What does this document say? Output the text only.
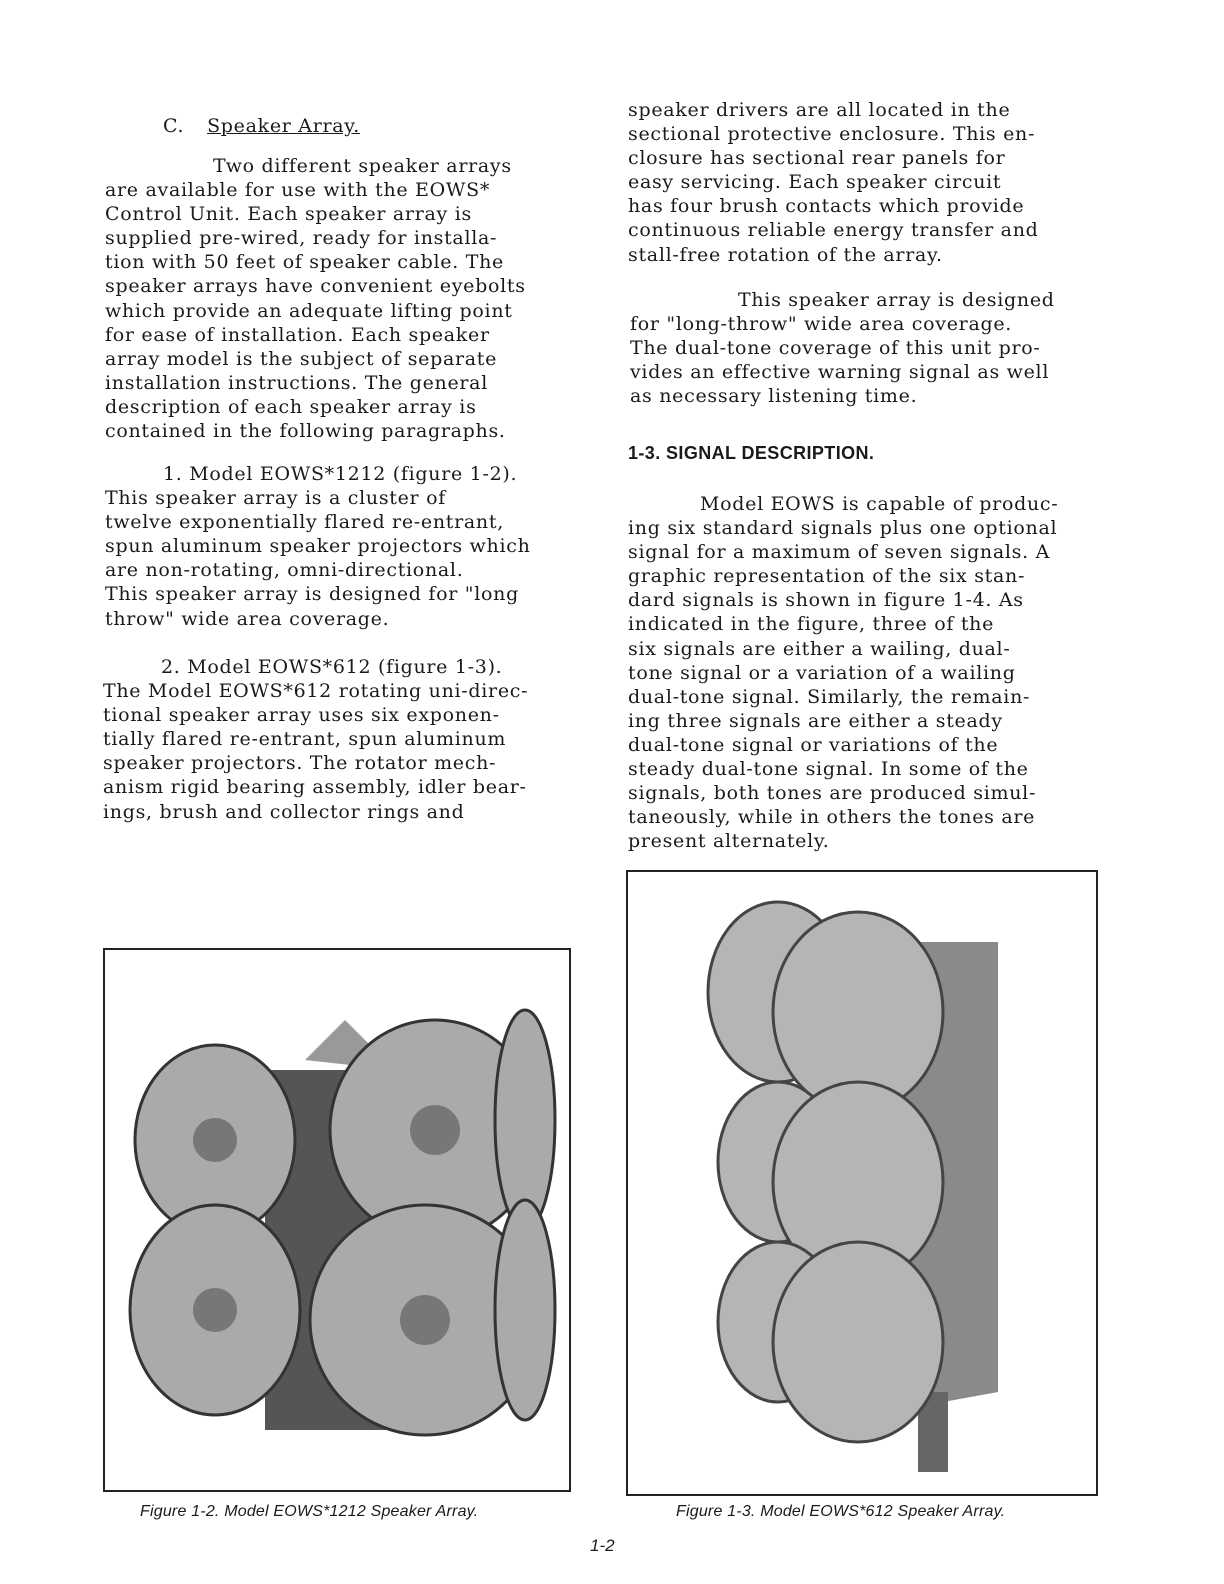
C. Speaker Array.
Two different speaker arrays
are available for use with the EOWS*
Control Unit. Each speaker array is
supplied pre-wired, ready for installa-
tion with 50 feet of speaker cable. The
speaker arrays have convenient eyebolts
which provide an adequate lifting point
for ease of installation. Each speaker
array model is the subject of separate
installation instructions. The general
description of each speaker array is
contained in the following paragraphs.
1. Model EOWS*1212 (figure 1-2).
This speaker array is a cluster of
twelve exponentially flared re-entrant,
spun aluminum speaker projectors which
are non-rotating, omni-directional.
This speaker array is designed for "long
throw" wide area coverage.
2. Model EOWS*612 (figure 1-3).
The Model EOWS*612 rotating uni-direc-
tional speaker array uses six exponen-
tially flared re-entrant, spun aluminum
speaker projectors. The rotator mech-
anism rigid bearing assembly, idler bear-
ings, brush and collector rings and
speaker drivers are all located in the
sectional protective enclosure. This en-
closure has sectional rear panels for
easy servicing. Each speaker circuit
has four brush contacts which provide
continuous reliable energy transfer and
stall-free rotation of the array.
This speaker array is designed
for "long-throw" wide area coverage.
The dual-tone coverage of this unit pro-
vides an effective warning signal as well
as necessary listening time.
1-3. SIGNAL DESCRIPTION.
Model EOWS is capable of produc-
ing six standard signals plus one optional
signal for a maximum of seven signals. A
graphic representation of the six stan-
dard signals is shown in figure 1-4. As
indicated in the figure, three of the
six signals are either a wailing, dual-
tone signal or a variation of a wailing
dual-tone signal. Similarly, the remain-
ing three signals are either a steady
dual-tone signal or variations of the
steady dual-tone signal. In some of the
signals, both tones are produced simul-
taneously, while in others the tones are
present alternately.
Figure 1-2. Model EOWS*1212 Speaker Array.	Figure 1-3. Model EOWS*612 Speaker Array.
1-2
